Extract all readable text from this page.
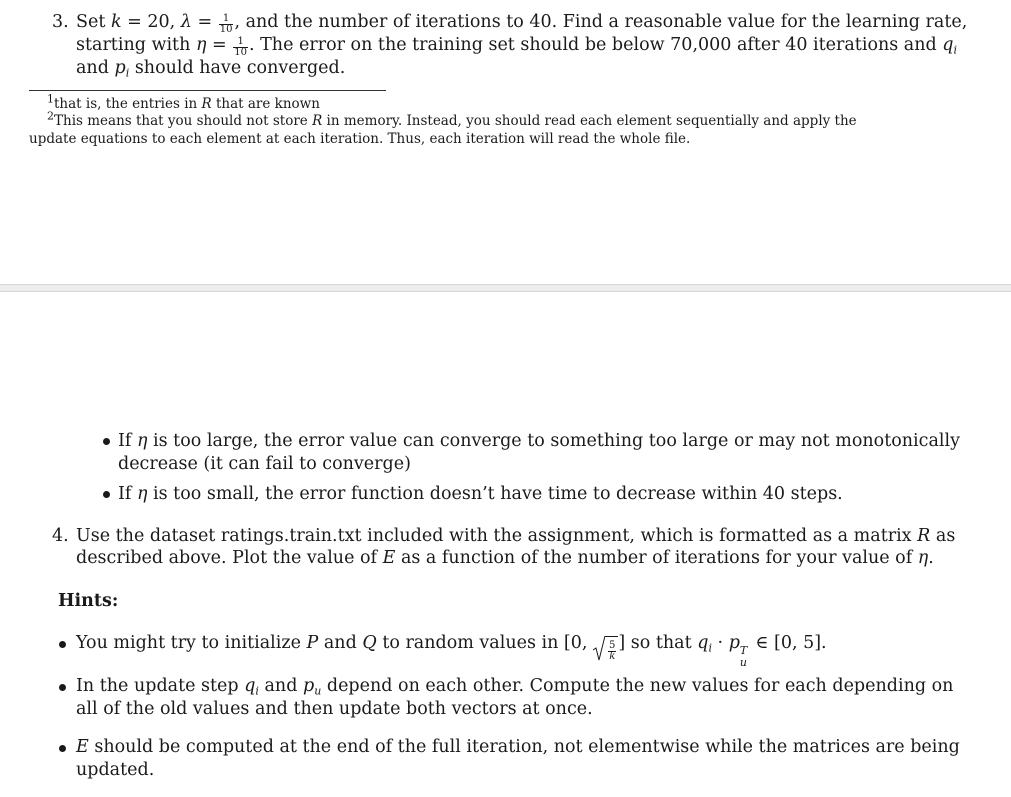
3. Set k = 20, $\lambda = \frac{1}{10}$ , and the number of iterations to 40. Find a reasonable value for the learning rate,
starting with $\eta = \frac{1}{10}$ . The error on the training set should be below 70,000 after 40 iterations and $q_i$
and $p_i$ should have converged.
$^1$that is, the entries in R that are known
$^2$This means that you should not store R in memory. Instead, you should read each element sequentially and apply the
update equations to each element at each iteration. Thus, each iteration will read the whole file.
If η is too large, the error value can converge to something too large or may not monotonically
decrease (it can fail to converge)
If η is too small, the error function doesn’t have time to decrease within 40 steps.
4. Use the dataset ratings.train.txt included with the assignment, which is formatted as a matrix R as
described above. Plot the value of E as a function of the number of iterations for your value of η.
Hints:
You might try to initialize P and Q to random values in [0, $\frac{5}{k}$ ] so that $q_i \cdot p$ T
u
∈ [0, 5].
In the update step $q_i$ and $p_u$ depend on each other. Compute the new values for each depending on
all of the old values and then update both vectors at once.
E should be computed at the end of the full iteration, not elementwise while the matrices are being
updated.
